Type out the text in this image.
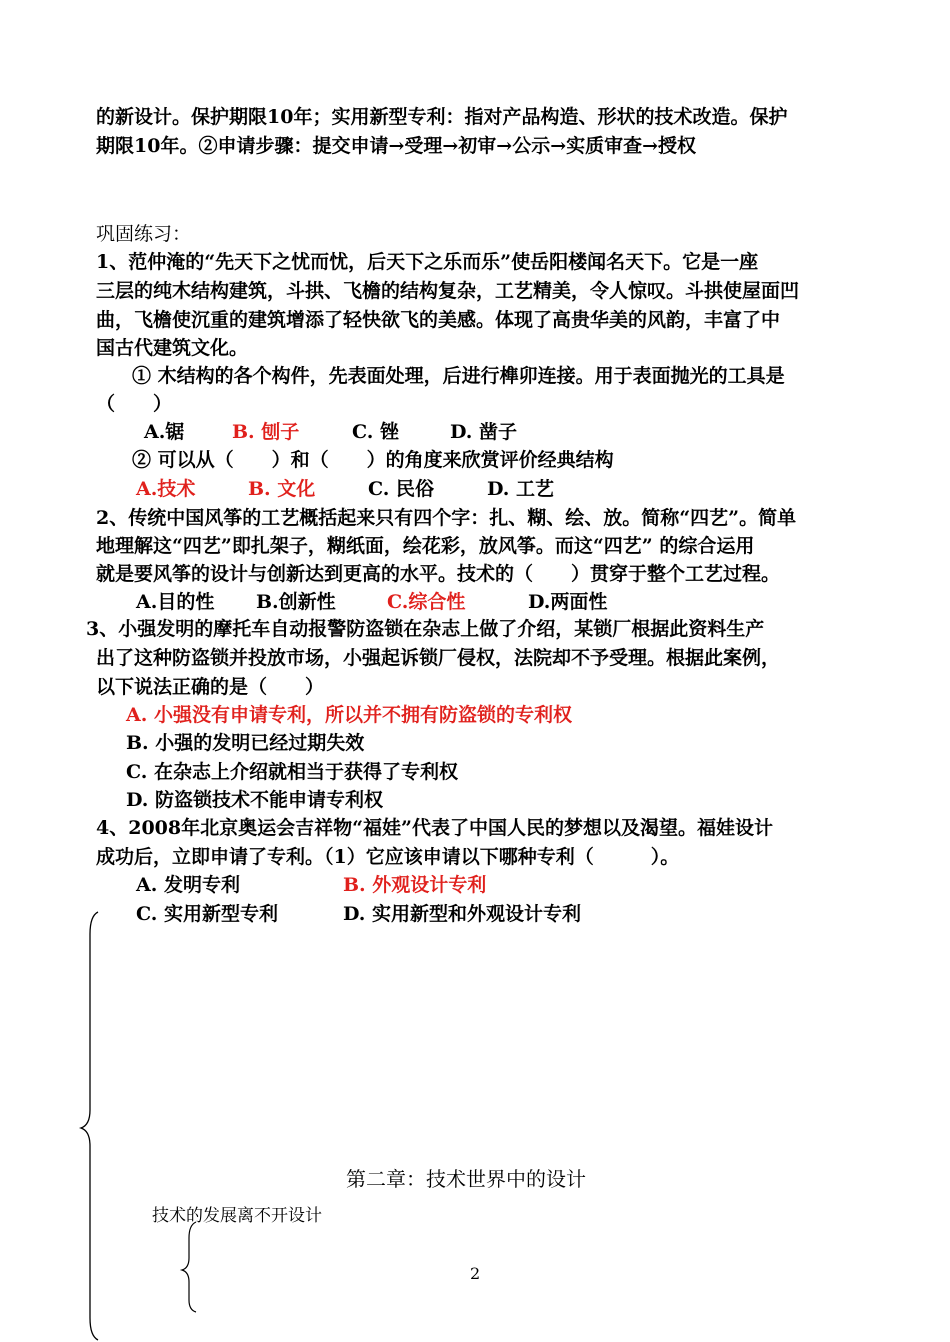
的新设计。保护期限10年；实用新型专利：指对产品构造、形状的技术改造。保护
期限10年。②申请步骤：提交申请→受理→初审→公示→实质审查→授权
巩固练习：
1、范仲淹的“先天下之忧而忧，后天下之乐而乐”使岳阳楼闻名天下。它是一座
三层的纯木结构建筑，斗拱、飞檐的结构复杂，工艺精美，令人惊叹。斗拱使屋面凹
曲，飞檐使沉重的建筑增添了轻快欲飞的美感。体现了高贵华美的风韵，丰富了中
国古代建筑文化。
① 木结构的各个构件，先表面处理，后进行榫卯连接。用于表面抛光的工具是
（　　）
A.锯	B. 刨子	C. 锉	D. 凿子
② 可以从（　　）和（　　）的角度来欣赏评价经典结构
A.技术	B. 文化	C. 民俗	D. 工艺
2、传统中国风筝的工艺概括起来只有四个字：扎、糊、绘、放。简称“四艺”。简单
地理解这“四艺”即扎架子，糊纸面，绘花彩，放风筝。而这“四艺” 的综合运用
就是要风筝的设计与创新达到更高的水平。技术的（　　）贯穿于整个工艺过程。
A.目的性 B.创新性	C.综合性	D.两面性
3、小强发明的摩托车自动报警防盗锁在杂志上做了介绍，某锁厂根据此资料生产
出了这种防盗锁并投放市场，小强起诉锁厂侵权，法院却不予受理。根据此案例，
以下说法正确的是（　　）
A. 小强没有申请专利，所以并不拥有防盗锁的专利权
B. 小强的发明已经过期失效
C. 在杂志上介绍就相当于获得了专利权
D. 防盗锁技术不能申请专利权
4、2008年北京奥运会吉祥物“福娃”代表了中国人民的梦想以及渴望。福娃设计
成功后，立即申请了专利。（1）它应该申请以下哪种专利（　　　）。
A. 发明专利	B. 外观设计专利
C. 实用新型专利	D. 实用新型和外观设计专利
第二章：技术世界中的设计
技术的发展离不开设计
2
